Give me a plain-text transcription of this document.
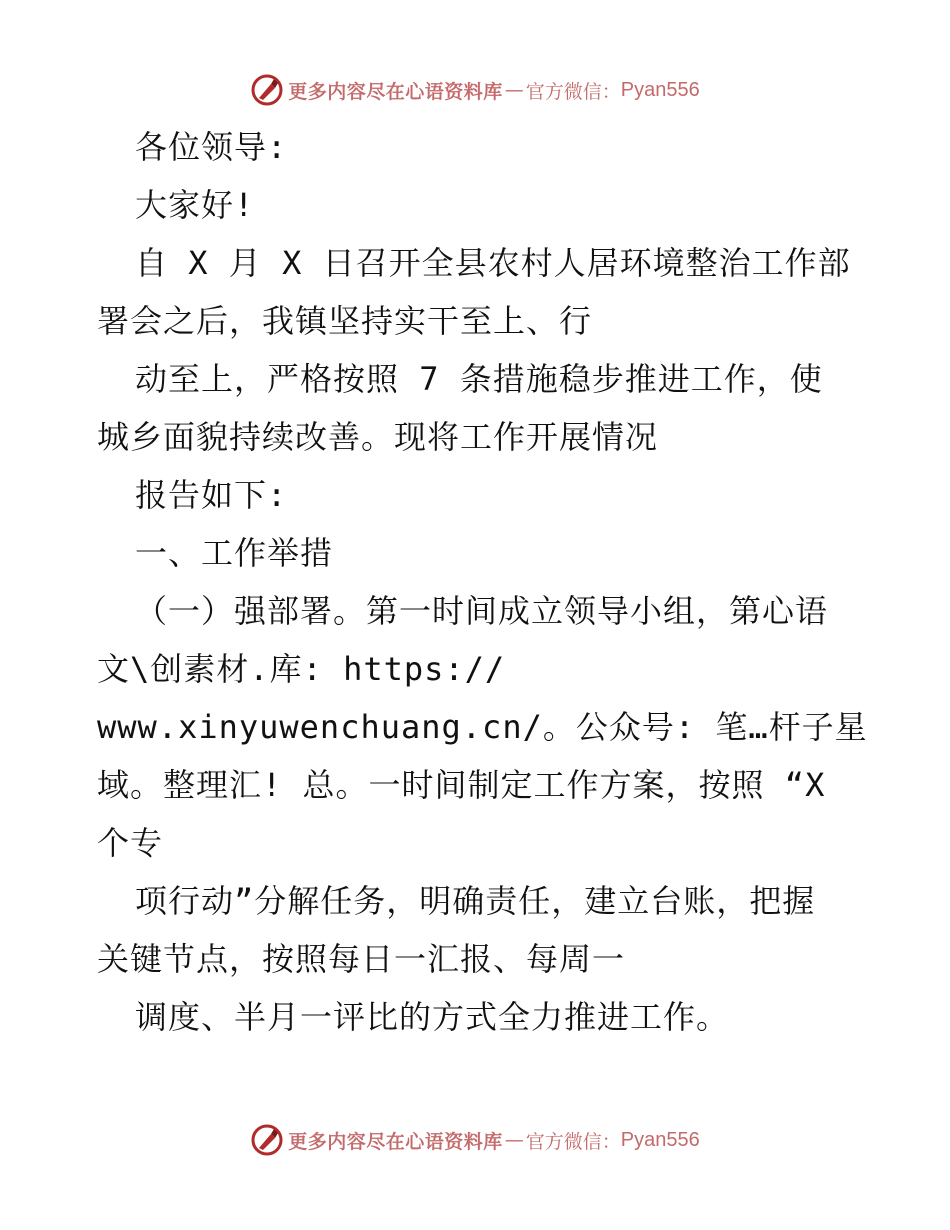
更多内容尽在心语资料库 — 官方微信： Pyan556
各位领导:
大家好!
自 X 月 X 日召开全县农村人居环境整治工作部
署会之后，我镇坚持实干至上、行
动至上，严格按照 7 条措施稳步推进工作，使
城乡面貌持续改善。现将工作开展情况
报告如下:
一、工作举措
（一）强部署。第一时间成立领导小组，第心语
文\创素材.库: https://
www.xinyuwenchuang.cn/。公众号: 笔…杆子星
域。整理汇! 总。一时间制定工作方案，按照 “X
个专
项行动”分解任务，明确责任，建立台账，把握
关键节点，按照每日一汇报、每周一
调度、半月一评比的方式全力推进工作。
更多内容尽在心语资料库 — 官方微信： Pyan556
